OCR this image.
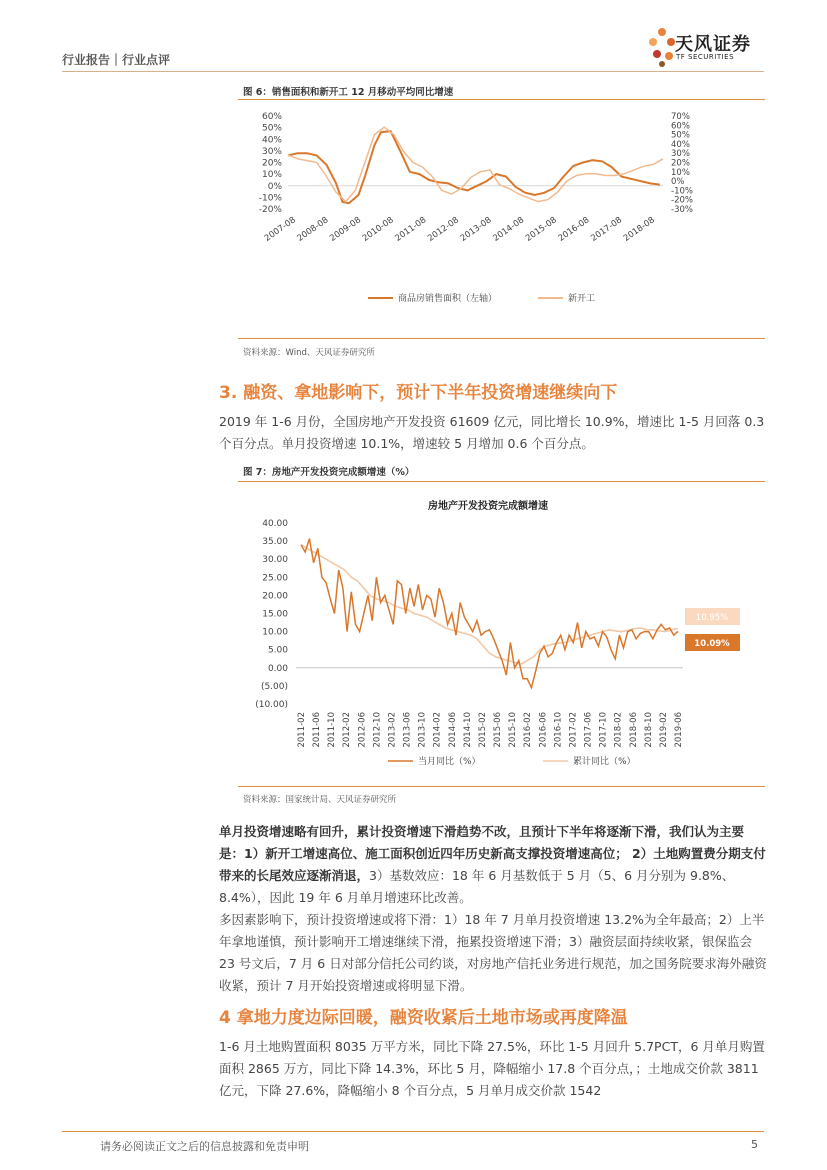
行业报告｜行业点评
天风证券
TF SECURITIES
图 6：销售面积和新开工 12 月移动平均同比增速
60%
50%
40%
30%
20%
10%
0%
-10%
-20%
70%
60%
50%
40%
30%
20%
10%
0%
-10%
-20%
-30%
2007-08
2008-08
2009-08
2010-08
2011-08
2012-08
2013-08
2014-08
2015-08
2016-08
2017-08
2018-08
商品房销售面积（左轴）	新开工
资料来源：Wind、天风证券研究所
3. 融资、拿地影响下，预计下半年投资增速继续向下
2019 年 1-6 月份，全国房地产开发投资 61609 亿元，同比增长 10.9%，增速比 1-5 月回落 0.3 个百分点。单月投资增速 10.1%，增速较 5 月增加 0.6 个百分点。
图 7：房地产开发投资完成额增速（%）
房地产开发投资完成额增速
40.00
35.00
30.00
25.00
20.00
15.00
10.00
5.00
0.00
(5.00)
(10.00)
2011-02 2011-06 2011-10 2012-02 2012-06 2012-10 2013-02 2013-06 2013-10 2014-02 2014-06 2014-10 2015-02 2015-06 2015-10 2016-02 2016-06 2016-10 2017-02 2017-06 2017-10 2018-02 2018-06 2018-10 2019-02 2019-06
10.95%
10.09%
当月同比（%）	累计同比（%）
资料来源：国家统计局、天风证券研究所
单月投资增速略有回升，累计投资增速下滑趋势不改，且预计下半年将逐渐下滑，我们认为主要是：1）新开工增速高位、施工面积创近四年历史新高支撑投资增速高位； 2）土地购置费分期支付带来的长尾效应逐渐消退，3）基数效应：18 年 6 月基数低于 5 月（5、6 月分别为 9.8%、8.4%），因此 19 年 6 月单月增速环比改善。
多因素影响下，预计投资增速或将下滑：1）18 年 7 月单月投资增速 13.2%为全年最高；2）上半年拿地谨慎，预计影响开工增速继续下滑，拖累投资增速下滑；3）融资层面持续收紧，银保监会 23 号文后，7 月 6 日对部分信托公司约谈，对房地产信托业务进行规范，加之国务院要求海外融资收紧，预计 7 月开始投资增速或将明显下滑。
4 拿地力度边际回暖，融资收紧后土地市场或再度降温
1-6 月土地购置面积 8035 万平方米，同比下降 27.5%，环比 1-5 月回升 5.7PCT，6 月单月购置面积 2865 万方，同比下降 14.3%，环比 5 月，降幅缩小 17.8 个百分点，；土地成交价款 3811 亿元，下降 27.6%，降幅缩小 8 个百分点，5 月单月成交价款 1542
请务必阅读正文之后的信息披露和免责申明	5
